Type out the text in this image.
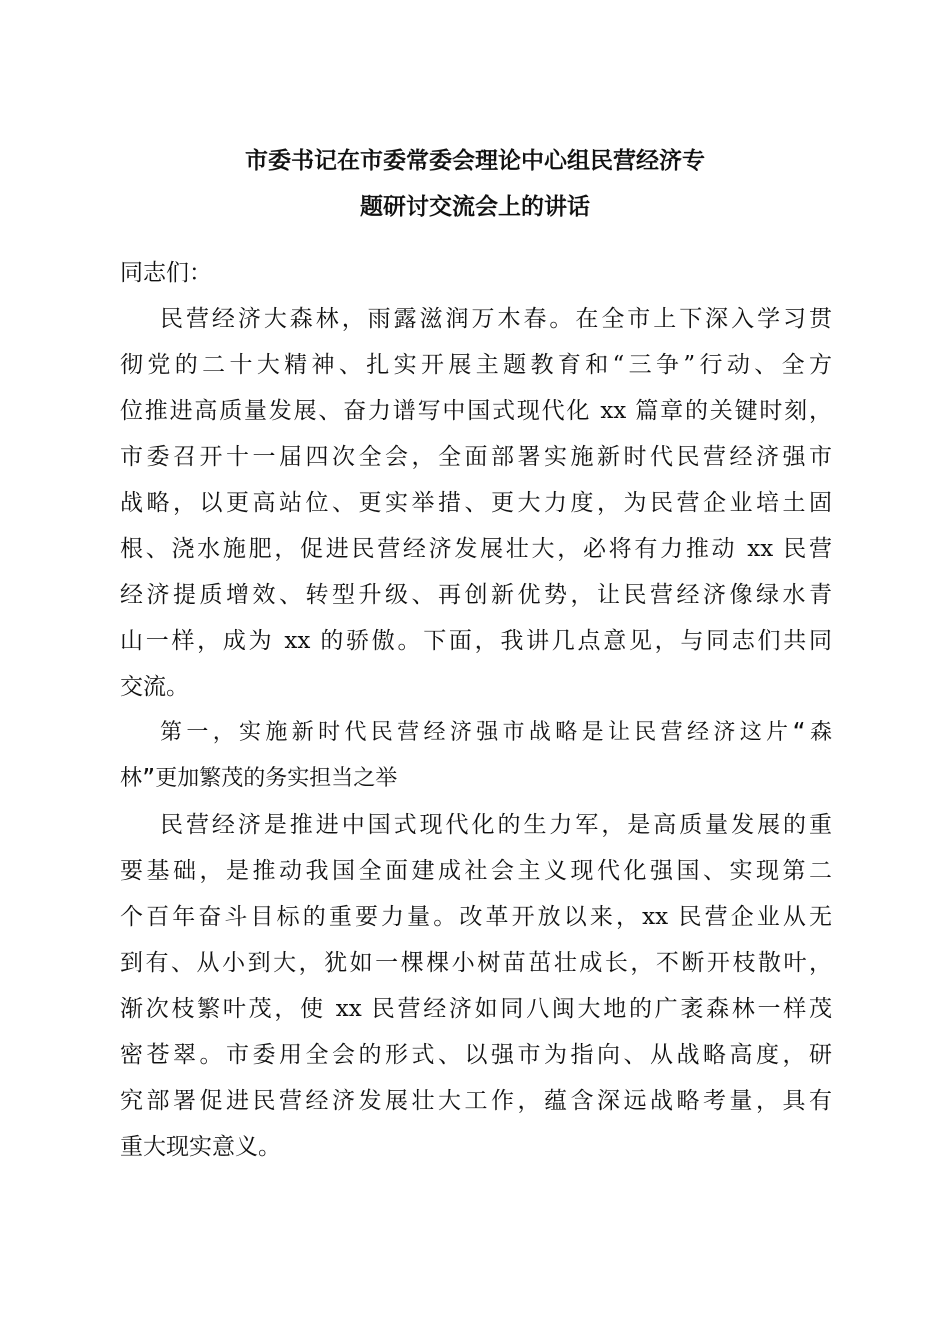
市委书记在市委常委会理论中心组民营经济专
题研讨交流会上的讲话
同志们：
民营经济大森林，雨露滋润万木春。在全市上下深入学习贯
彻党的二十大精神、扎实开展主题教育和“三争”行动、全方
位推进高质量发展、奋力谱写中国式现代化 xx 篇章的关键时刻，
市委召开十一届四次全会，全面部署实施新时代民营经济强市
战略，以更高站位、更实举措、更大力度，为民营企业培土固
根、浇水施肥，促进民营经济发展壮大，必将有力推动 xx 民营
经济提质增效、转型升级、再创新优势，让民营经济像绿水青
山一样，成为 xx 的骄傲。下面，我讲几点意见，与同志们共同
交流。
第一，实施新时代民营经济强市战略是让民营经济这片“森
林”更加繁茂的务实担当之举
民营经济是推进中国式现代化的生力军，是高质量发展的重
要基础，是推动我国全面建成社会主义现代化强国、实现第二
个百年奋斗目标的重要力量。改革开放以来，xx 民营企业从无
到有、从小到大，犹如一棵棵小树苗茁壮成长，不断开枝散叶，
渐次枝繁叶茂，使 xx 民营经济如同八闽大地的广袤森林一样茂
密苍翠。市委用全会的形式、以强市为指向、从战略高度，研
究部署促进民营经济发展壮大工作，蕴含深远战略考量，具有
重大现实意义。
